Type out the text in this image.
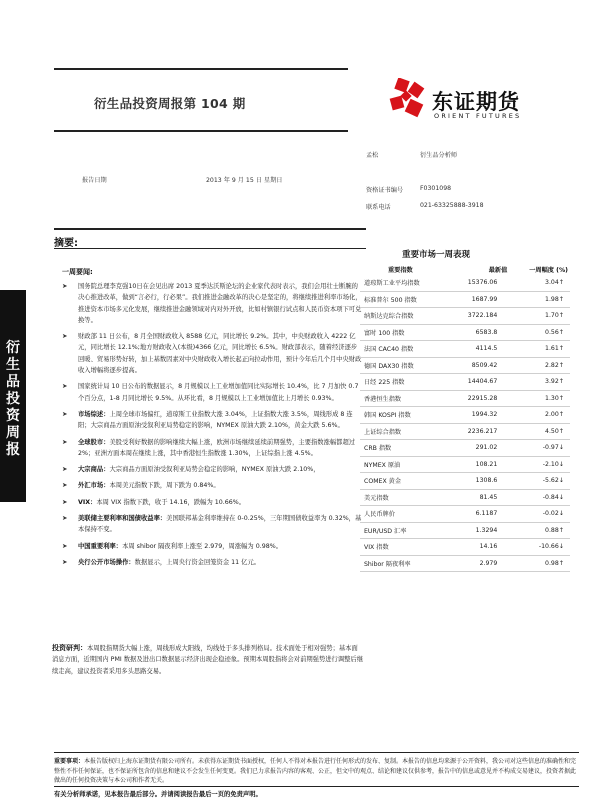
衍生品投资周报第 104 期	东证期货
ORIENT FUTURES
报告日期	2013 年 9 月 15 日 星期日
孟松	衍生品分析师
资格证书编号	F0301098
联系电话	021-63325888-3918
摘要:
衍
生
品
投
资
周
报
一周要闻:
➤ 国务院总理李克强10日在会见出席 2013 夏季达沃斯论坛的企业家代表时表示，我们会用壮士断腕的决心推进改革，做到“言必行，行必果”。我们推进金融改革的决心是坚定的，将继续推进利率市场化，推进资本市场多元化发展，继续推进金融领域对内对外开放，比如村镇银行试点和人民币资本项下可兑换等。
➤ 财政部 11 日公布，8 月全国财政收入 8588 亿元，同比增长 9.2%。其中，中央财政收入 4222 亿元，同比增长 12.1%;地方财政收入(本级)4366 亿元，同比增长 6.5%。财政部表示，随着经济逐步回暖、贸易形势好转，加上基数因素对中央财政收入增长起正向拉动作用，预计今年后几个月中央财政收入增幅将逐步提高。
➤ 国家统计局 10 日公布的数据显示，8 月规模以上工业增加值同比实际增长 10.4%，比 7 月加快 0.7 个百分点，1-8 月同比增长 9.5%。从环比看，8 月规模以上工业增加值比上月增长 0.93%。
➤ 市场综述：上周全球市场偏红，道琼斯工业指数大涨 3.04%，上证指数大涨 3.5%，周线形成 8 连阳；大宗商品方面原油受叙利亚局势稳定的影响，NYMEX 原油大跌 2.10%，黄金大跌 5.6%。
➤ 全球股市：美股受利好数据的影响继续大幅上涨，欧洲市场继续延续前期强势，主要指数涨幅都超过 2%；亚洲方面本周在继续上涨，其中香港恒生指数涨 1.30%，上证综指上涨 4.5%。
➤ 大宗商品：大宗商品方面原油受叙利亚局势会稳定的影响，NYMEX 原油大跌 2.10%，
➤ 外汇市场：本周美元指数下跌，周下跌为 0.84%。
➤ VIX：本周 VIX 指数下跌，收于 14.16，跌幅为 10.66%。
➤ 美联储主要利率和国债收益率：美国联邦基金利率维持在 0-0.25%，三年期国债收益率为 0.32%，基本保持不变。
➤ 中国重要利率：本周 shibor 隔夜利率上涨至 2.979，周涨幅为 0.98%。
➤ 央行公开市场操作：数据显示，上周央行资金回笼资金 11 亿元。
投资研判：本周股指期货大幅上涨，周线形成大阳线，均线处于多头排列格局。技术面处于相对强势；基本面消息方面，近期国内 PMI 数据及进出口数据显示经济出现企稳迹象。预期本周股指将会对前期强势进行调整后继续走高，建议投资者采用多头思路交易。
重要市场一周表现
重要指数	最新值	一周幅度 (%)
道琼斯工业平均指数	15376.06	3.04↑
标准普尔 500 指数	1687.99	1.98↑
纳斯达克综合指数	3722.184	1.70↑
富时 100 指数	6583.8	0.56↑
法国 CAC40 指数	4114.5	1.61↑
德国 DAX30 指数	8509.42	2.82↑
日经 225 指数	14404.67	3.92↑
香港恒生指数	22915.28	1.30↑
韩国 KOSPI 指数	1994.32	2.00↑
上证综合指数	2236.217	4.50↑
CRB 指数	291.02	-0.97↓
NYMEX 原油	108.21	-2.10↓
COMEX 黄金	1308.6	-5.62↓
美元指数	81.45	-0.84↓
人民币牌价	6.1187	-0.02↓
EUR/USD 汇率	1.3294	0.88↑
VIX 指数	14.16	-10.66↓
Shibor 隔夜利率	2.979	0.98↑
重要事项：本报告版权归上海东证期货有限公司所有。未获得东证期货书面授权，任何人不得对本报告进行任何形式的发布、复制。本报告的信息均来源于公开资料，我公司对这些信息的准确性和完整性不作任何保证，也不保证所包含的信息和建议不会发生任何变更。我们已力求报告内容的客观、公正，但文中的观点、结论和建议仅供参考，报告中的信息或意见并不构成交易建议，投资者据此做出的任何投资决策与本公司和作者无关。
有关分析师承诺，见本报告最后部分。并请阅读报告最后一页的免责声明。
